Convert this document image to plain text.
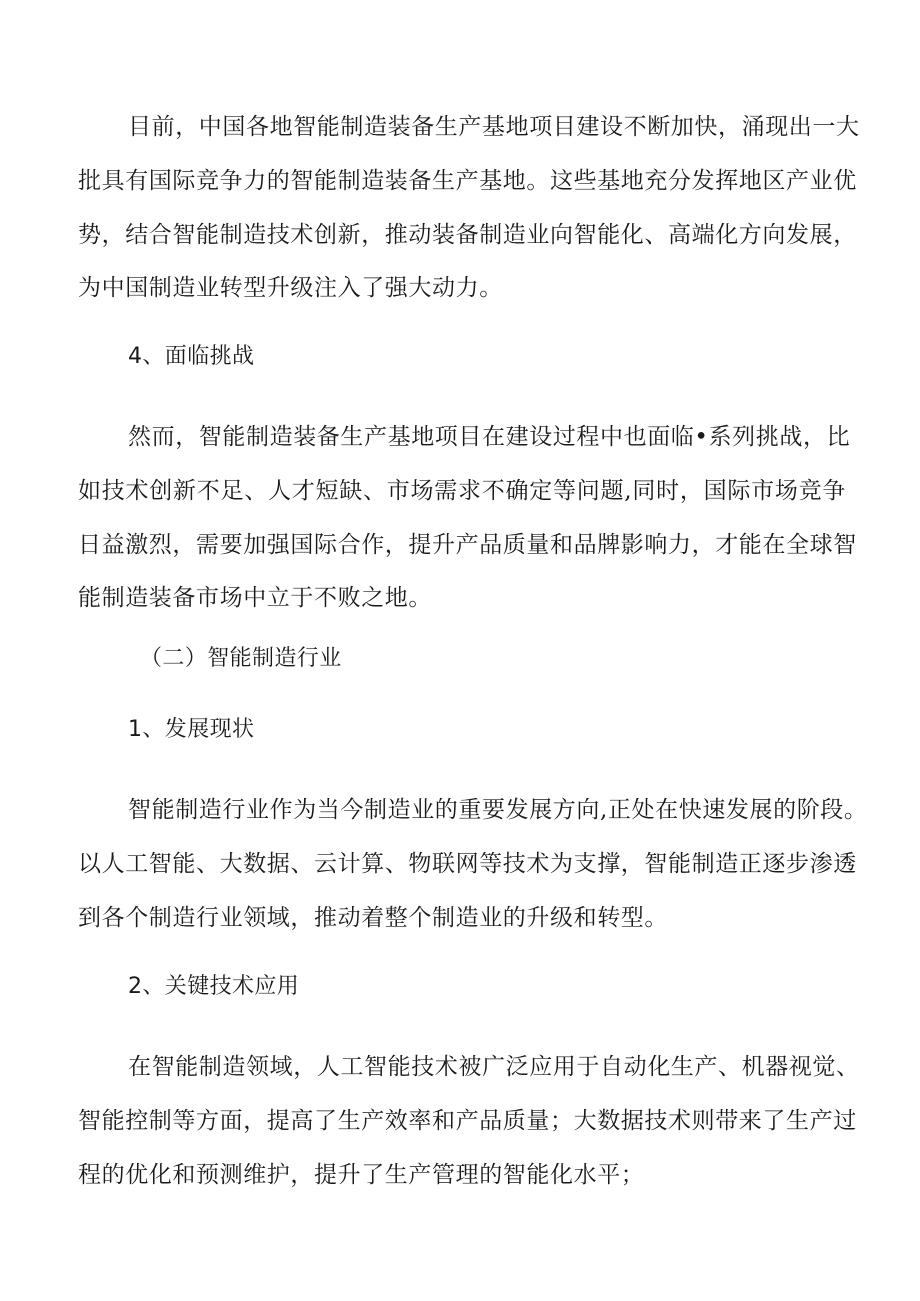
目前，中国各地智能制造装备生产基地项目建设不断加快，涌现出一大
批具有国际竞争力的智能制造装备生产基地。这些基地充分发挥地区产业优
势，结合智能制造技术创新，推动装备制造业向智能化、高端化方向发展，
为中国制造业转型升级注入了强大动力。
4、面临挑战
然而，智能制造装备生产基地项目在建设过程中也面临•系列挑战，比
如技术创新不足、人才短缺、市场需求不确定等问题,同时，国际市场竞争
日益激烈，需要加强国际合作，提升产品质量和品牌影响力，才能在全球智
能制造装备市场中立于不败之地。
（二）智能制造行业
1、发展现状
智能制造行业作为当今制造业的重要发展方向,正处在快速发展的阶段。
以人工智能、大数据、云计算、物联网等技术为支撑，智能制造正逐步渗透
到各个制造行业领域，推动着整个制造业的升级和转型。
2、关键技术应用
在智能制造领域，人工智能技术被广泛应用于自动化生产、机器视觉、
智能控制等方面，提高了生产效率和产品质量；大数据技术则带来了生产过
程的优化和预测维护，提升了生产管理的智能化水平；
